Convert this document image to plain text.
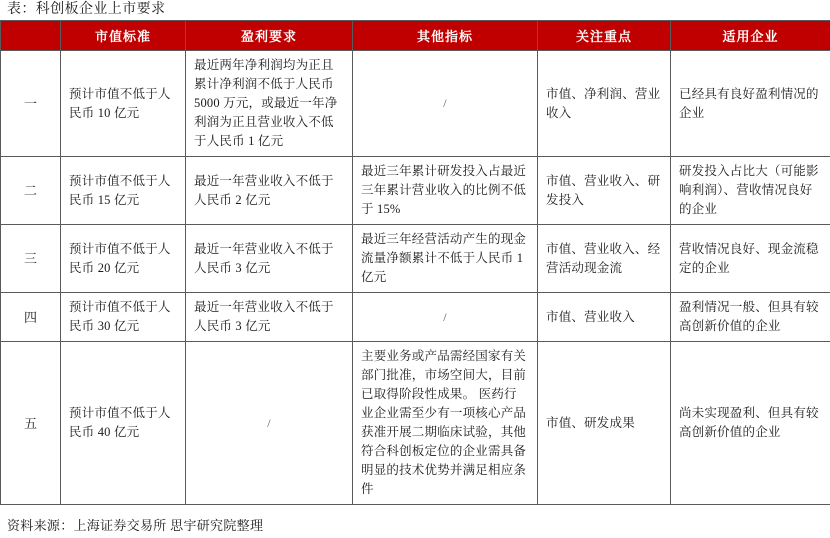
表：科创板企业上市要求
	市值标准	盈利要求	其他指标	关注重点	适用企业
一	预计市值不低于人民币 10 亿元	最近两年净利润均为正且累计净利润不低于人民币 5000 万元，或最近一年净利润为正且营业收入不低于人民币 1 亿元	/	市值、净利润、营业收入	已经具有良好盈利情况的企业
二	预计市值不低于人民币 15 亿元	最近一年营业收入不低于人民币 2 亿元	最近三年累计研发投入占最近三年累计营业收入的比例不低于 15%	市值、营业收入、研发投入	研发投入占比大（可能影响利润）、营收情况良好的企业
三	预计市值不低于人民币 20 亿元	最近一年营业收入不低于人民币 3 亿元	最近三年经营活动产生的现金流量净额累计不低于人民币 1 亿元	市值、营业收入、经营活动现金流	营收情况良好、现金流稳定的企业
四	预计市值不低于人民币 30 亿元	最近一年营业收入不低于人民币 3 亿元	/	市值、营业收入	盈利情况一般、但具有较高创新价值的企业
五	预计市值不低于人民币 40 亿元	/	主要业务或产品需经国家有关部门批准，市场空间大，目前已取得阶段性成果。 医药行业企业需至少有一项核心产品获准开展二期临床试验，其他符合科创板定位的企业需具备明显的技术优势并满足相应条件	市值、研发成果	尚未实现盈利、但具有较高创新价值的企业
资料来源：上海证券交易所 思宇研究院整理
